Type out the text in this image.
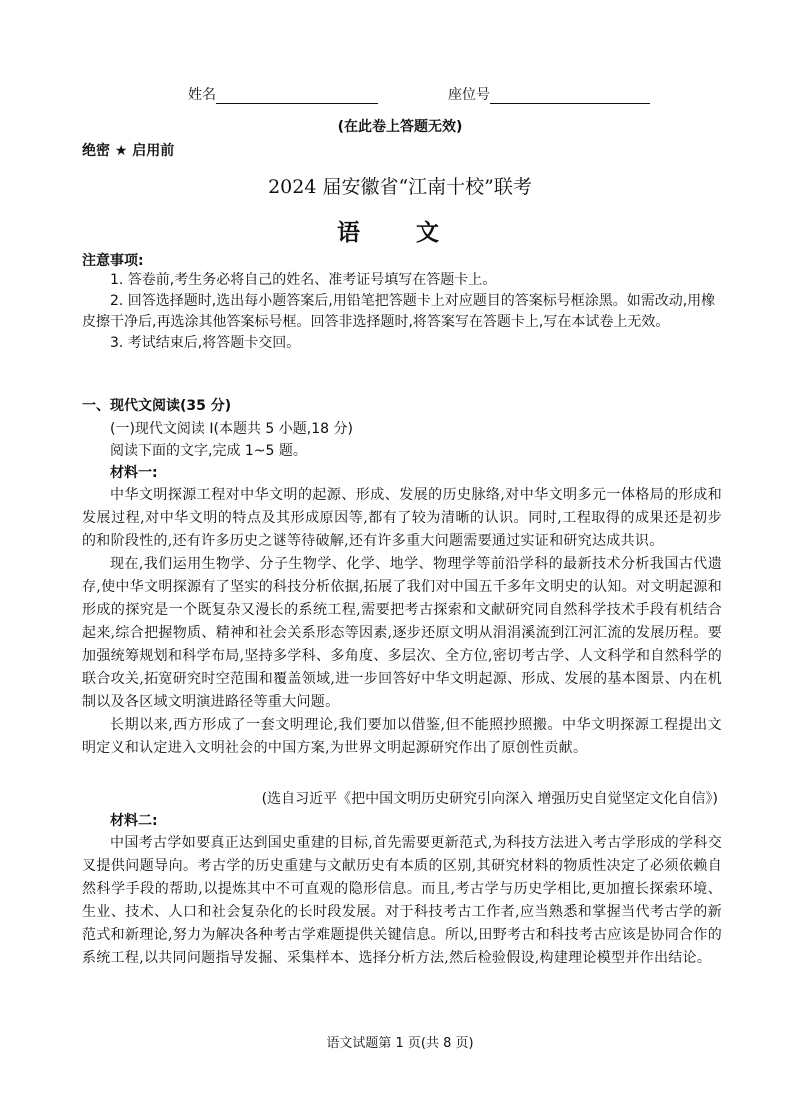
姓名	座位号
(在此卷上答题无效)
绝密 ★ 启用前
2024 届安徽省“江南十校”联考
语 文
注意事项:

1. 答卷前,考生务必将自己的姓名、准考证号填写在答题卡上。

2. 回答选择题时,选出每小题答案后,用铅笔把答题卡上对应题目的答案标号框涂黑。如需改动,用橡皮擦干净后,再选涂其他答案标号框。回答非选择题时,将答案写在答题卡上,写在本试卷上无效。

3. 考试结束后,将答题卡交回。

一、现代文阅读(35 分)
(一)现代文阅读 I(本题共 5 小题,18 分)
阅读下面的文字,完成 1~5 题。
材料一:

中华文明探源工程对中华文明的起源、形成、发展的历史脉络,对中华文明多元一体格局的形成和发展过程,对中华文明的特点及其形成原因等,都有了较为清晰的认识。同时,工程取得的成果还是初步的和阶段性的,还有许多历史之谜等待破解,还有许多重大问题需要通过实证和研究达成共识。

现在,我们运用生物学、分子生物学、化学、地学、物理学等前沿学科的最新技术分析我国古代遗存,使中华文明探源有了坚实的科技分析依据,拓展了我们对中国五千多年文明史的认知。对文明起源和形成的探究是一个既复杂又漫长的系统工程,需要把考古探索和文献研究同自然科学技术手段有机结合起来,综合把握物质、精神和社会关系形态等因素,逐步还原文明从涓涓溪流到江河汇流的发展历程。要加强统筹规划和科学布局,坚持多学科、多角度、多层次、全方位,密切考古学、人文科学和自然科学的联合攻关,拓宽研究时空范围和覆盖领域,进一步回答好中华文明起源、形成、发展的基本图景、内在机制以及各区域文明演进路径等重大问题。

长期以来,西方形成了一套文明理论,我们要加以借鉴,但不能照抄照搬。中华文明探源工程提出文明定义和认定进入文明社会的中国方案,为世界文明起源研究作出了原创性贡献。

(选自习近平《把中国文明历史研究引向深入 增强历史自觉坚定文化自信》)
材料二:

中国考古学如要真正达到国史重建的目标,首先需要更新范式,为科技方法进入考古学形成的学科交叉提供问题导向。考古学的历史重建与文献历史有本质的区别,其研究材料的物质性决定了必须依赖自然科学手段的帮助,以提炼其中不可直观的隐形信息。而且,考古学与历史学相比,更加擅长探索环境、生业、技术、人口和社会复杂化的长时段发展。对于科技考古工作者,应当熟悉和掌握当代考古学的新范式和新理论,努力为解决各种考古学难题提供关键信息。所以,田野考古和科技考古应该是协同合作的系统工程,以共同问题指导发掘、采集样本、选择分析方法,然后检验假设,构建理论模型并作出结论。

语文试题第 1 页(共 8 页)
